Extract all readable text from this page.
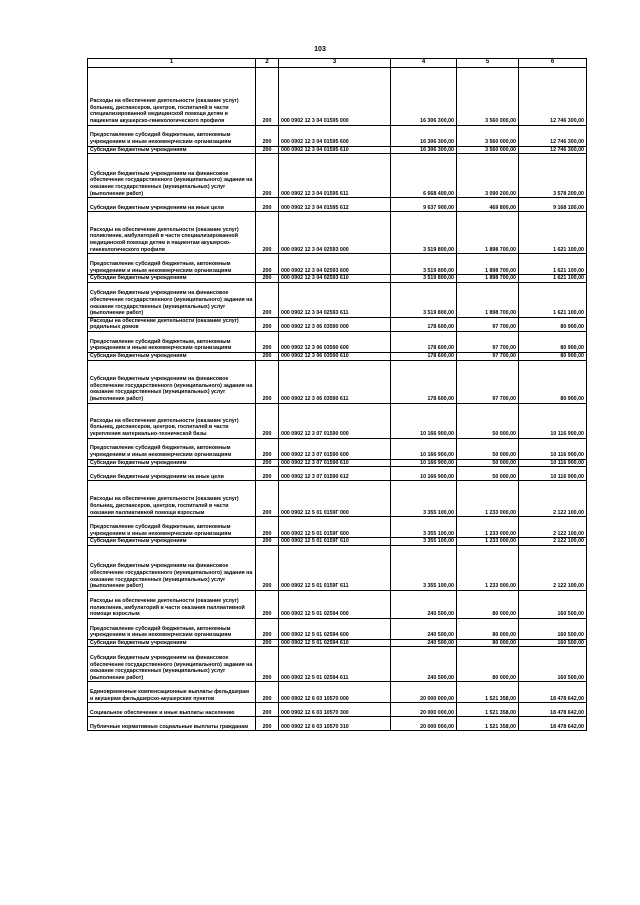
103
1	2	3	4	5	6
Расходы на обеспечение деятельности (оказание услуг) больниц, диспансеров, центров, госпиталей в части специализированной медицинской помощи детям и пациентам акушерско-гинекологического профиля	200	000 0902 12 3 04 01595 000	16 306 300,00	3 560 000,00	12 746 300,00
Предоставление субсидий бюджетным, автономным учреждениям и иным некоммерческим организациям	200	000 0902 12 3 04 01595 600	16 306 300,00	3 560 000,00	12 746 300,00
Субсидии бюджетным учреждениям	200	000 0902 12 3 04 01595 610	16 306 300,00	3 560 000,00	12 746 300,00
Субсидии бюджетным учреждениям на финансовое обеспечение государственного (муниципального) задания на оказание государственных (муниципальных) услуг (выполнение работ)	200	000 0902 12 3 04 01595 611	6 668 400,00	3 090 200,00	3 578 200,00
Субсидии бюджетным учреждениям на иные цели	200	000 0902 12 3 04 01595 612	9 637 900,00	469 800,00	9 168 100,00
Расходы на обеспечение деятельности (оказание услуг) поликлиник, амбулаторий в части специализированной медицинской помощи детям и пациентам акушерско-гинекологического профиля	200	000 0902 12 3 04 02593 000	3 519 800,00	1 898 700,00	1 621 100,00
Предоставление субсидий бюджетным, автономным учреждениям и иным некоммерческим организациям	200	000 0902 12 3 04 02593 600	3 519 800,00	1 898 700,00	1 621 100,00
Субсидии бюджетным учреждениям	200	000 0902 12 3 04 02593 610	3 519 800,00	1 898 700,00	1 621 100,00
Субсидии бюджетным учреждениям на финансовое обеспечение государственного (муниципального) задания на оказание государственных (муниципальных) услуг (выполнение работ)	200	000 0902 12 3 04 02593 611	3 519 800,00	1 898 700,00	1 621 100,00
Расходы на обеспечение деятельности (оказание услуг) родильных домов	200	000 0902 12 3 06 03590 000	178 600,00	97 700,00	80 900,00
Предоставление субсидий бюджетным, автономным учреждениям и иным некоммерческим организациям	200	000 0902 12 3 06 03590 600	178 600,00	97 700,00	80 900,00
Субсидии бюджетным учреждениям	200	000 0902 12 3 06 03590 610	178 600,00	97 700,00	80 900,00
Субсидии бюджетным учреждениям на финансовое обеспечение государственного (муниципального) задания на оказание государственных (муниципальных) услуг (выполнение работ)	200	000 0902 12 3 06 03590 611	178 600,00	97 700,00	80 900,00
Расходы на обеспечение деятельности (оказание услуг) больниц, диспансеров, центров, госпиталей в части укрепления материально-технической базы	200	000 0902 12 3 07 01590 000	10 166 900,00	50 000,00	10 116 900,00
Предоставление субсидий бюджетным, автономным учреждениям и иным некоммерческим организациям	200	000 0902 12 3 07 01590 600	10 166 900,00	50 000,00	10 116 900,00
Субсидии бюджетным учреждениям	200	000 0902 12 3 07 01590 610	10 166 900,00	50 000,00	10 116 900,00
Субсидии бюджетным учреждениям на иные цели	200	000 0902 12 3 07 01590 612	10 166 900,00	50 000,00	10 116 900,00
Расходы на обеспечение деятельности (оказание услуг) больниц, диспансеров, центров, госпиталей в части оказания паллиативной помощи взрослым	200	000 0902 12 5 01 0159Г 000	3 355 100,00	1 233 000,00	2 122 100,00
Предоставление субсидий бюджетным, автономным учреждениям и иным некоммерческим организациям	200	000 0902 12 5 01 0159Г 600	3 355 100,00	1 233 000,00	2 122 100,00
Субсидии бюджетным учреждениям	200	000 0902 12 5 01 0159Г 610	3 355 100,00	1 233 000,00	2 122 100,00
Субсидии бюджетным учреждениям на финансовое обеспечение государственного (муниципального) задания на оказание государственных (муниципальных) услуг (выполнение работ)	200	000 0902 12 5 01 0159Г 611	3 355 100,00	1 233 000,00	2 122 100,00
Расходы на обеспечение деятельности (оказание услуг) поликлиник, амбулаторий в части оказания паллиативной помощи взрослым	200	000 0902 12 5 01 02594 000	240 500,00	80 000,00	160 500,00
Предоставление субсидий бюджетным, автономным учреждениям и иным некоммерческим организациям	200	000 0902 12 5 01 02594 600	240 500,00	80 000,00	160 500,00
Субсидии бюджетным учреждениям	200	000 0902 12 5 01 02594 610	240 500,00	80 000,00	160 500,00
Субсидии бюджетным учреждениям на финансовое обеспечение государственного (муниципального) задания на оказание государственных (муниципальных) услуг (выполнение работ)	200	000 0902 12 5 01 02594 611	240 500,00	80 000,00	160 500,00
Единовременные компенсационные выплаты фельдшерам и акушерам фельдшерско-акушерских пунктов	200	000 0902 12 6 03 10570 000	20 000 000,00	1 521 358,00	18 478 642,00
Социальное обеспечение и иные выплаты населению	200	000 0902 12 6 03 10570 300	20 000 000,00	1 521 358,00	18 478 642,00
Публичные нормативные социальные выплаты гражданам	200	000 0902 12 6 03 10570 310	20 000 000,00	1 521 358,00	18 478 642,00
